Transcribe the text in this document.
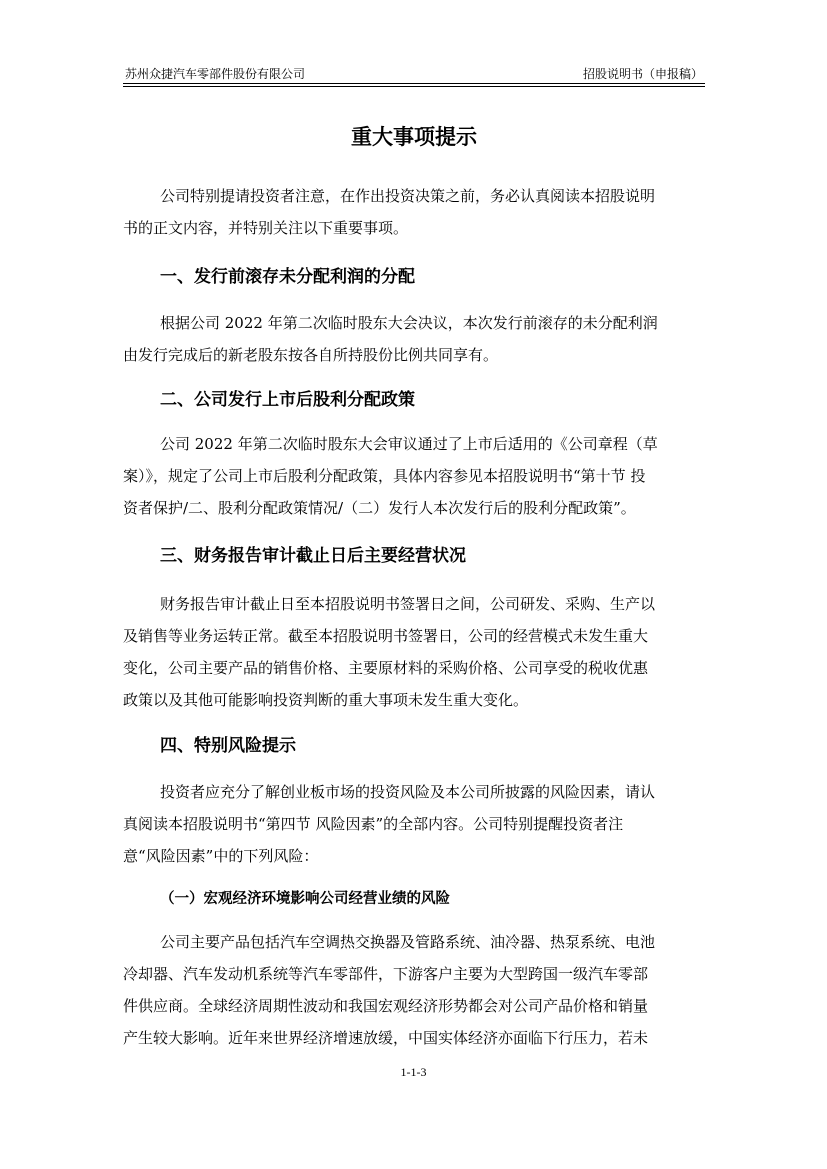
苏州众捷汽车零部件股份有限公司	招股说明书（申报稿）
重大事项提示

公司特别提请投资者注意，在作出投资决策之前，务必认真阅读本招股说明
书的正文内容，并特别关注以下重要事项。

一、发行前滚存未分配利润的分配

根据公司 2022 年第二次临时股东大会决议，本次发行前滚存的未分配利润
由发行完成后的新老股东按各自所持股份比例共同享有。

二、公司发行上市后股利分配政策

公司 2022 年第二次临时股东大会审议通过了上市后适用的《公司章程（草
案）》，规定了公司上市后股利分配政策，具体内容参见本招股说明书“第十节 投
资者保护/二、股利分配政策情况/（二）发行人本次发行后的股利分配政策”。

三、财务报告审计截止日后主要经营状况

财务报告审计截止日至本招股说明书签署日之间，公司研发、采购、生产以
及销售等业务运转正常。截至本招股说明书签署日，公司的经营模式未发生重大
变化，公司主要产品的销售价格、主要原材料的采购价格、公司享受的税收优惠
政策以及其他可能影响投资判断的重大事项未发生重大变化。

四、特别风险提示

投资者应充分了解创业板市场的投资风险及本公司所披露的风险因素，请认
真阅读本招股说明书“第四节 风险因素”的全部内容。公司特别提醒投资者注
意“风险因素”中的下列风险：

（一）宏观经济环境影响公司经营业绩的风险

公司主要产品包括汽车空调热交换器及管路系统、油冷器、热泵系统、电池
冷却器、汽车发动机系统等汽车零部件，下游客户主要为大型跨国一级汽车零部
件供应商。全球经济周期性波动和我国宏观经济形势都会对公司产品价格和销量
产生较大影响。近年来世界经济增速放缓，中国实体经济亦面临下行压力，若未

1-1-3
